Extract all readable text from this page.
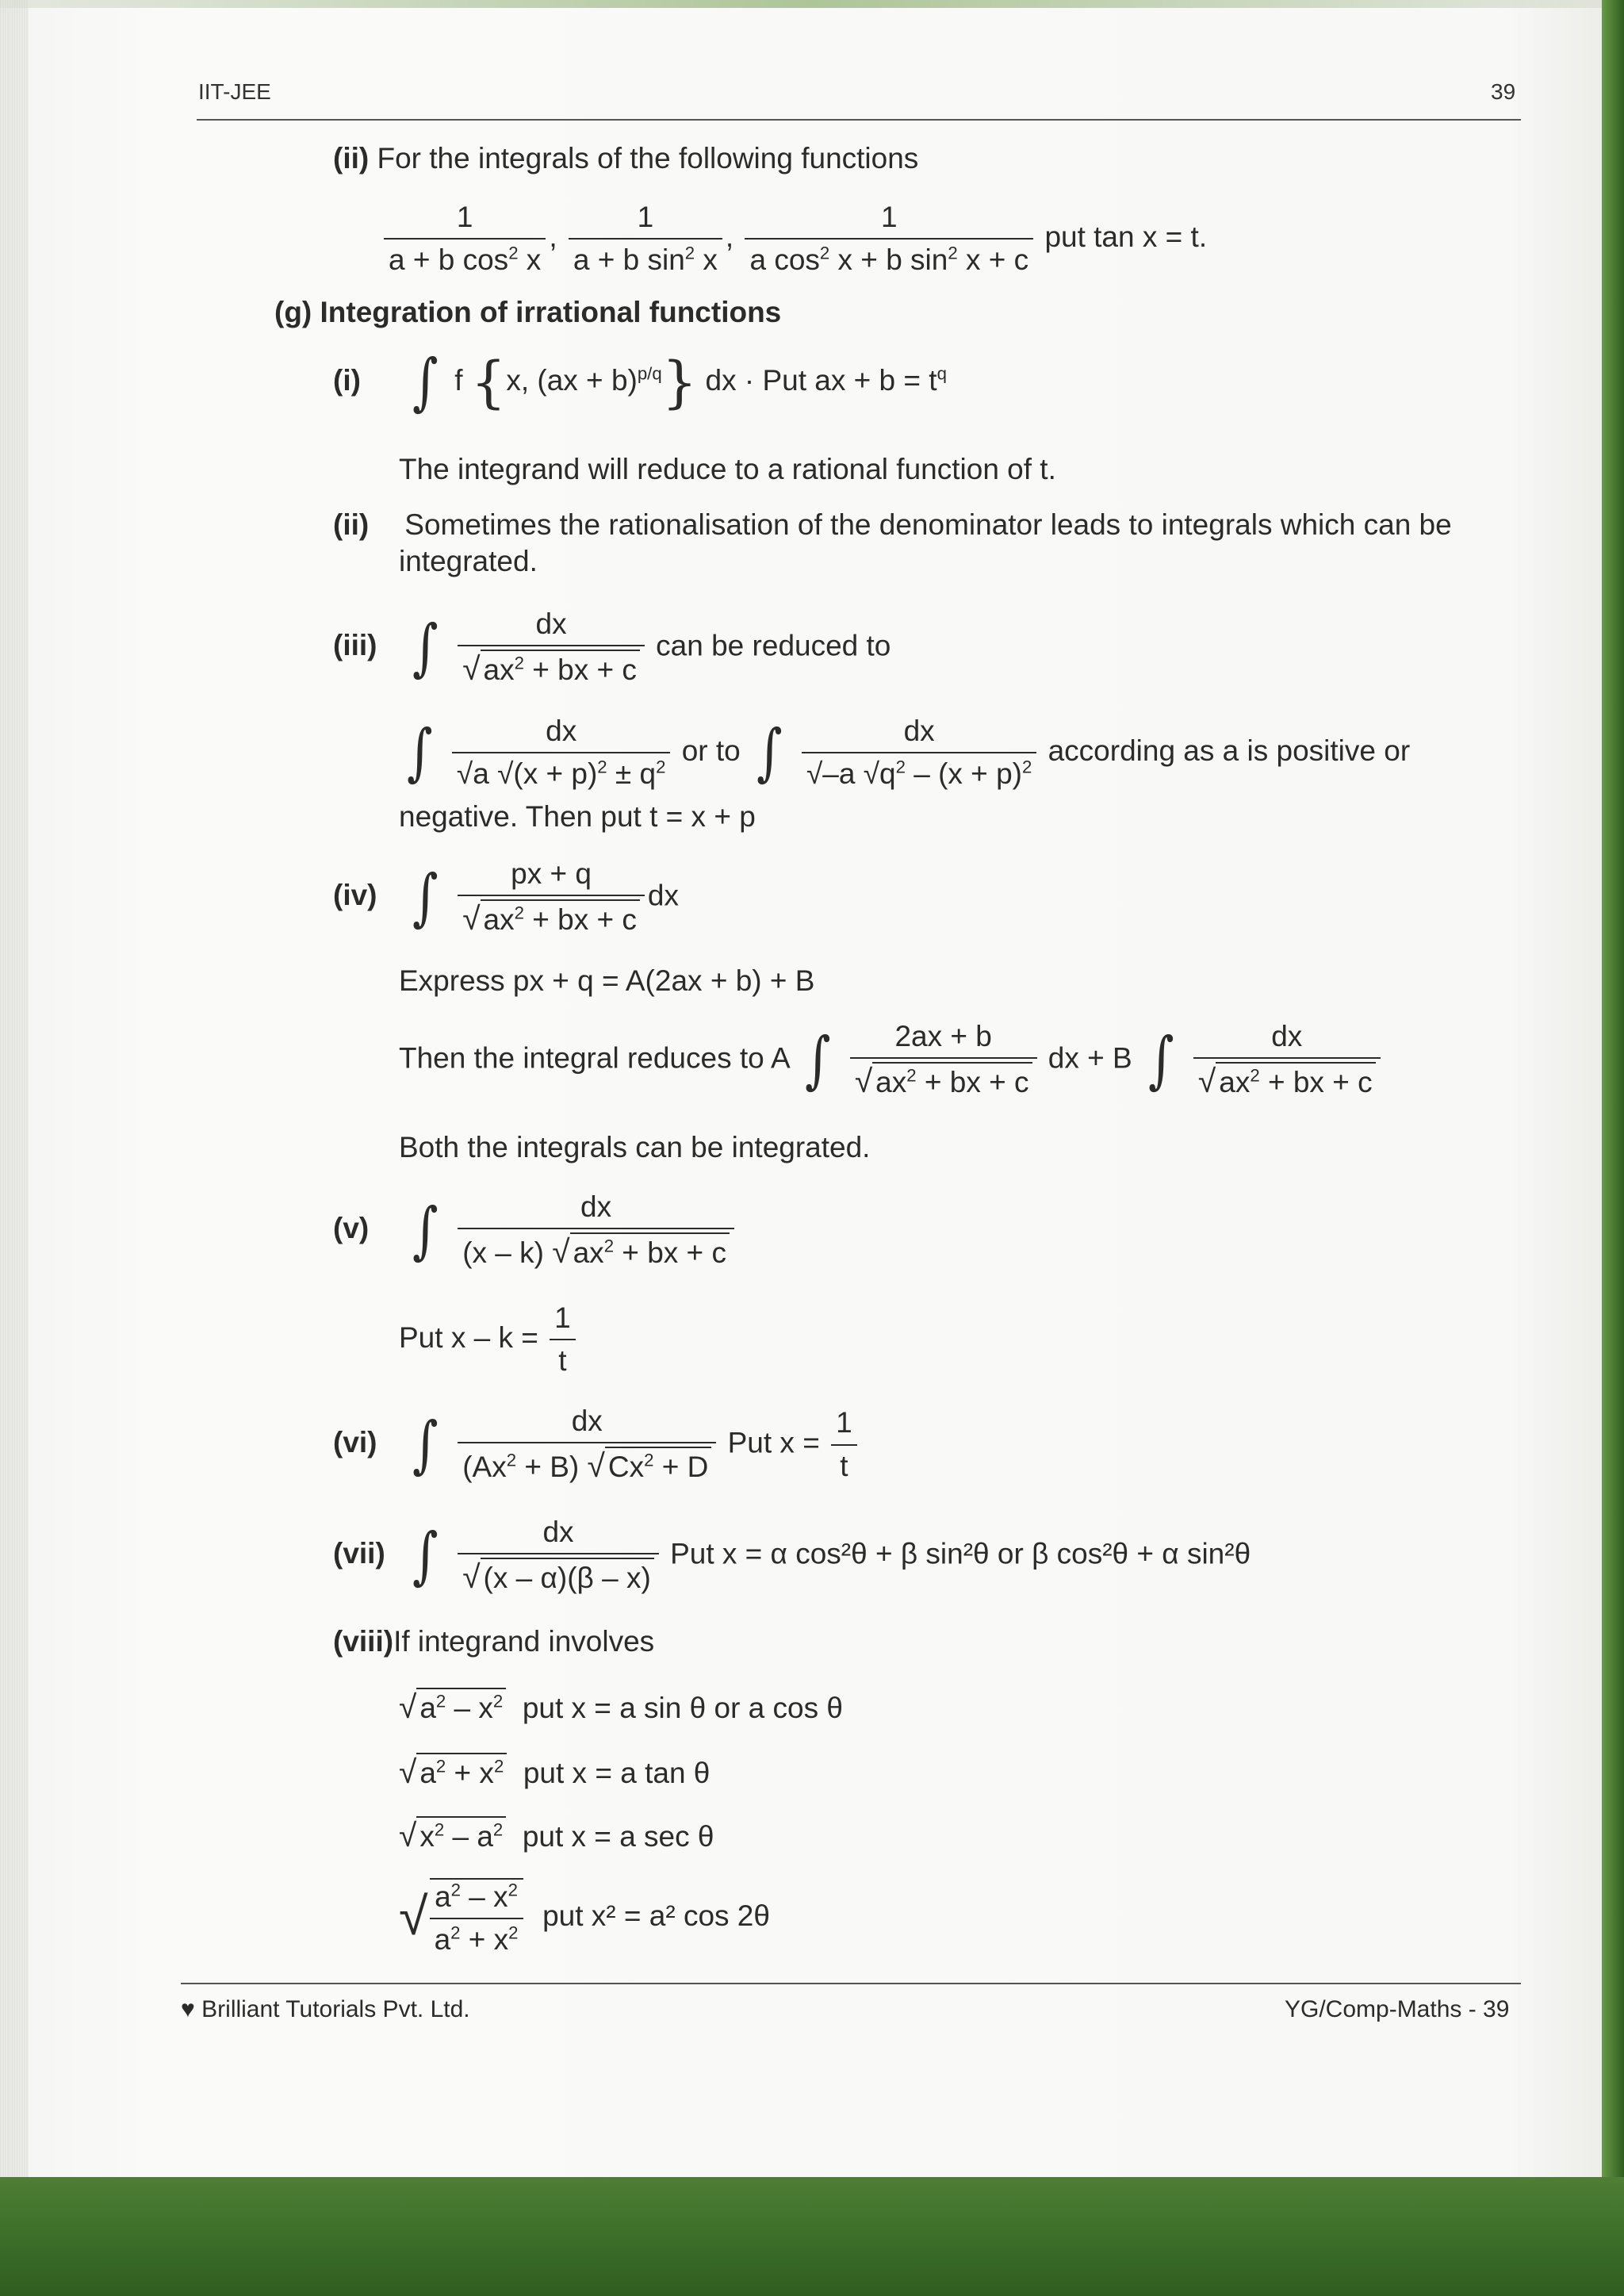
IIT-JEE	39
(ii) For the integrals of the following functions
$\frac{1}{a + b \cos^2 x}$ , $\frac{1}{a + b \sin^2 x}$ , $\frac{1}{a \cos^2 x + b \sin^2 x + c}$ put tan x = t.
(g) Integration of irrational functions
(i) ∫ f {x, (ax + b)$^{p/q}$} dx · Put ax + $b = t^q$
The integrand will reduce to a rational function of t.
(ii) Sometimes the rationalisation of the denominator leads to integrals which can be
integrated.
(iii) ∫ $\frac{dx}{√ ax^2 + bx + c}$ can be reduced to
∫ $\frac{dx}{√a √(x + p)^2 \pm q^2}$ or to ∫ $\frac{dx}{√-a √q^2 - (x + p)^2}$ according as a is positive or
negative. Then put t = x + p
(iv) ∫ $\frac{px + q}{√ ax^2 + bx + c}$ dx
Express px + q = A(2ax + b) + B
Then the integral reduces to A ∫ $\frac{2ax + b}{√ ax^2 + bx + c}$ dx + B ∫ $\frac{dx}{√ ax^2 + bx + c}$
Both the integrals can be integrated.
(v) ∫ $\frac{dx}{(x - k) √ ax^2 + bx + c}$
Put $x - k = \frac{1}{t}$
(vi) ∫ $\frac{dx}{(Ax^2 + B) √ Cx^2 + D}$ Put $x = \frac{1}{t}$
(vii) ∫ $\frac{dx}{√ (x - \alpha)(\beta - x)}$ Put x = α cos²θ + β sin²θ or β cos²θ + α sin²θ
(viii)If integrand involves
√ $a^2 - x^2$ put x = a sin θ or a cos θ
√ $a^2 + x^2$ put x = a tan θ
√ $x^2 - a^2$ put x = a sec θ
√ $\frac{a^2 - x^2}{a^2 + x^2}$ put x² = a² cos 2θ
♥ Brilliant Tutorials Pvt. Ltd.	YG/Comp-Maths - 39
